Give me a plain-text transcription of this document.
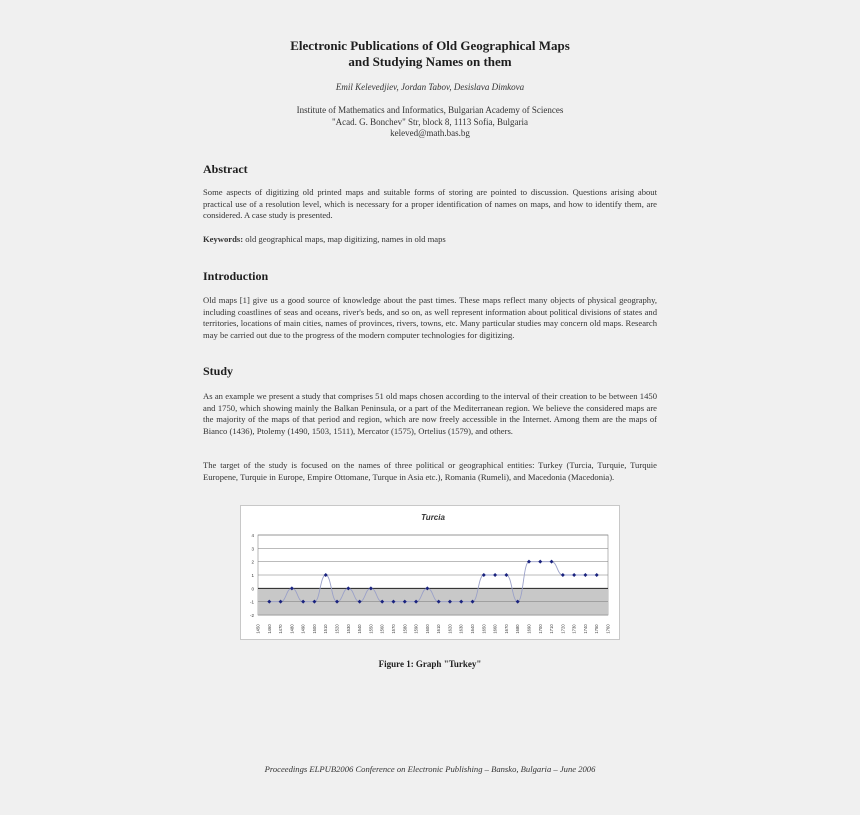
Electronic Publications of Old Geographical Maps
and Studying Names on them
Emil Kelevedjiev, Jordan Tabov, Desislava Dimkova
Institute of Mathematics and Informatics, Bulgarian Academy of Sciences
"Acad. G. Bonchev" Str, block 8, 1113 Sofia, Bulgaria
keleved@math.bas.bg
Abstract
Some aspects of digitizing old printed maps and suitable forms of storing are pointed to discussion. Questions arising about practical use of a resolution level, which is necessary for a proper identification of names on maps, and how to identify them, are considered. A case study is presented.
Keywords: old geographical maps, map digitizing, names in old maps
Introduction
Old maps [1] give us a good source of knowledge about the past times. These maps reflect many objects of physical geography, including coastlines of seas and oceans, river's beds, and so on, as well represent information about political divisions of states and territories, locations of main cities, names of provinces, rivers, towns, etc. Many particular studies may concern old maps. Research may be carried out due to the progress of the modern computer technologies for digitizing.
Study
As an example we present a study that comprises 51 old maps chosen according to the interval of their creation to be between 1450 and 1750, which showing mainly the Balkan Peninsula, or a part of the Mediterranean region. We believe the considered maps are the majority of the maps of that period and region, which are now freely accessible in the Internet. Among them are the maps of Bianco (1436), Ptolemy (1490, 1503, 1511), Mercator (1575), Ortelius (1579), and others.
The target of the study is focused on the names of three political or geographical entities: Turkey (Turcia, Turquie, Turquie Europene, Turquie in Europe, Empire Ottomane, Turque in Asia etc.), Romania (Rumeli), and Macedonia (Macedonia).
Turcia
-2
-1
0
1
2
3
4
1450 1460 1470 1480 1490 1500 1510 1520 1530 1540 1550 1560 1570 1580 1590 1600 1610 1620 1630 1640 1650 1660 1670 1680 1690 1700 1710 1720 1730 1740 1750 1760
Figure 1: Graph "Turkey"
Proceedings ELPUB2006 Conference on Electronic Publishing – Bansko, Bulgaria – June 2006
